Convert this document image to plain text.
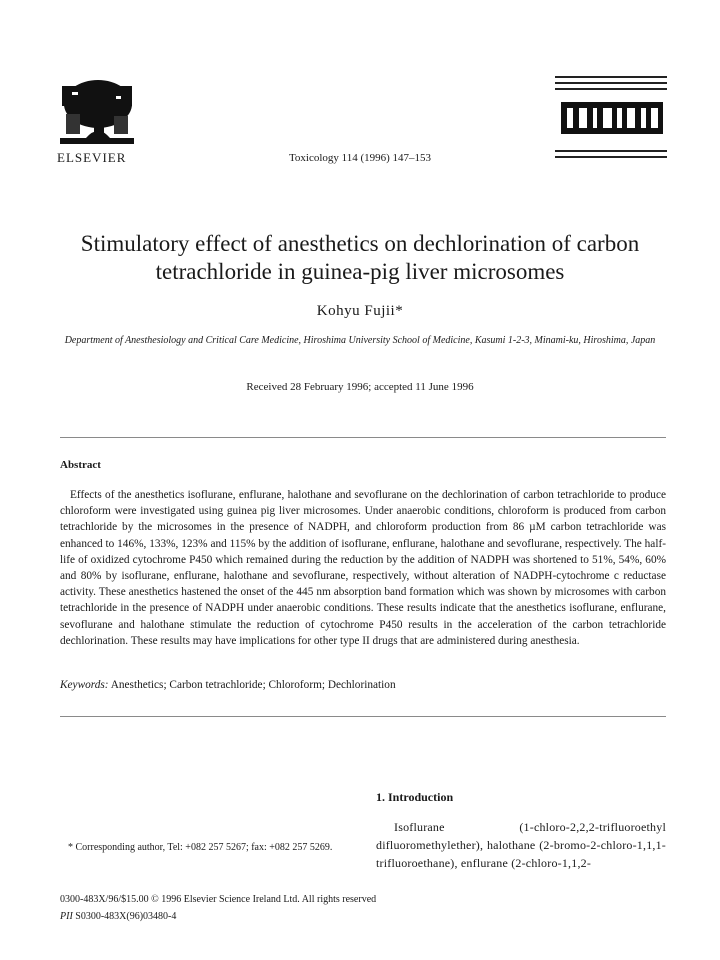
ELSEVIER	Toxicology 114 (1996) 147–153
Stimulatory effect of anesthetics on dechlorination of carbon tetrachloride in guinea-pig liver microsomes
Kohyu Fujii*
Department of Anesthesiology and Critical Care Medicine, Hiroshima University School of Medicine, Kasumi 1-2-3, Minami-ku, Hiroshima, Japan
Received 28 February 1996; accepted 11 June 1996
Abstract

Effects of the anesthetics isoflurane, enflurane, halothane and sevoflurane on the dechlorination of carbon tetrachloride to produce chloroform were investigated using guinea pig liver microsomes. Under anaerobic conditions, chloroform is produced from carbon tetrachloride by the microsomes in the presence of NADPH, and chloroform production from 86 µM carbon tetrachloride was enhanced to 146%, 133%, 123% and 115% by the addition of isoflurane, enflurane, halothane and sevoflurane, respectively. The half-life of oxidized cytochrome P450 which remained during the reduction by the addition of NADPH was shortened to 51%, 54%, 60% and 80% by isoflurane, enflurane, halothane and sevoflurane, respectively, without alteration of NADPH-cytochrome c reductase activity. These anesthetics hastened the onset of the 445 nm absorption band formation which was shown by microsomes with carbon tetrachloride in the presence of NADPH under anaerobic conditions. These results indicate that the anesthetics isoflurane, enflurane, sevoflurane and halothane stimulate the reduction of cytochrome P450 results in the acceleration of the carbon tetrachloride dechlorination. These results may have implications for other type II drugs that are administered during anesthesia.

Keywords: Anesthetics; Carbon tetrachloride; Chloroform; Dechlorination
1. Introduction

Isoflurane (1-chloro-2,2,2-trifluoroethyl difluoromethylether), halothane (2-bromo-2-chloro-1,1,1-trifluoroethane), enflurane (2-chloro-1,1,2-

* Corresponding author, Tel: +082 257 5267; fax: +082 257 5269.

0300-483X/96/$15.00 © 1996 Elsevier Science Ireland Ltd. All rights reserved
PII S0300-483X(96)03480-4
